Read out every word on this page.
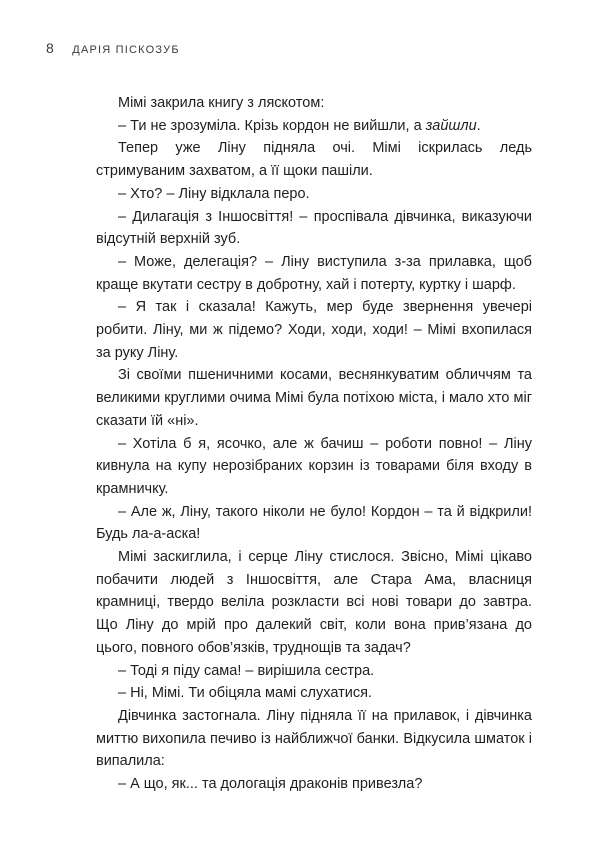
8 ДАРІЯ ПІСКОЗУБ

Мімі закрила книгу з ляскотом:

– Ти не зрозуміла. Крізь кордон не вийшли, а зайшли.

Тепер уже Ліну підняла очі. Мімі іскрилась ледь стримуваним захватом, а її щоки пашіли.

– Хто? – Ліну відклала перо.

– Дилагація з Іншосвіття! – проспівала дівчинка, виказуючи відсутній верхній зуб.

– Може, делегація? – Ліну виступила з-за прилавка, щоб краще вкутати сестру в добротну, хай і потерту, куртку і шарф.

– Я так і сказала! Кажуть, мер буде звернення увечері робити. Ліну, ми ж підемо? Ходи, ходи, ходи! – Мімі вхопилася за руку Ліну.

Зі своїми пшеничними косами, веснянкуватим обличчям та великими круглими очима Мімі була потіхою міста, і мало хто міг сказати їй «ні».

– Хотіла б я, ясочко, але ж бачиш – роботи повно! – Ліну кивнула на купу нерозібраних корзин із товарами біля входу в крамничку.

– Але ж, Ліну, такого ніколи не було! Кордон – та й відкрили! Будь ла-а-аска!

Мімі заскиглила, і серце Ліну стислося. Звісно, Мімі цікаво побачити людей з Іншосвіття, але Стара Ама, власниця крамниці, твердо веліла розкласти всі нові товари до завтра. Що Ліну до мрій про далекий світ, коли вона прив’язана до цього, повного обов’язків, труднощів та задач?

– Тоді я піду сама! – вирішила сестра.

– Ні, Мімі. Ти обіцяла мамі слухатися.

Дівчинка застогнала. Ліну підняла її на прилавок, і дівчинка миттю вихопила печиво із найближчої банки. Відкусила шматок і випалила:

– А що, як... та дологація драконів привезла?
